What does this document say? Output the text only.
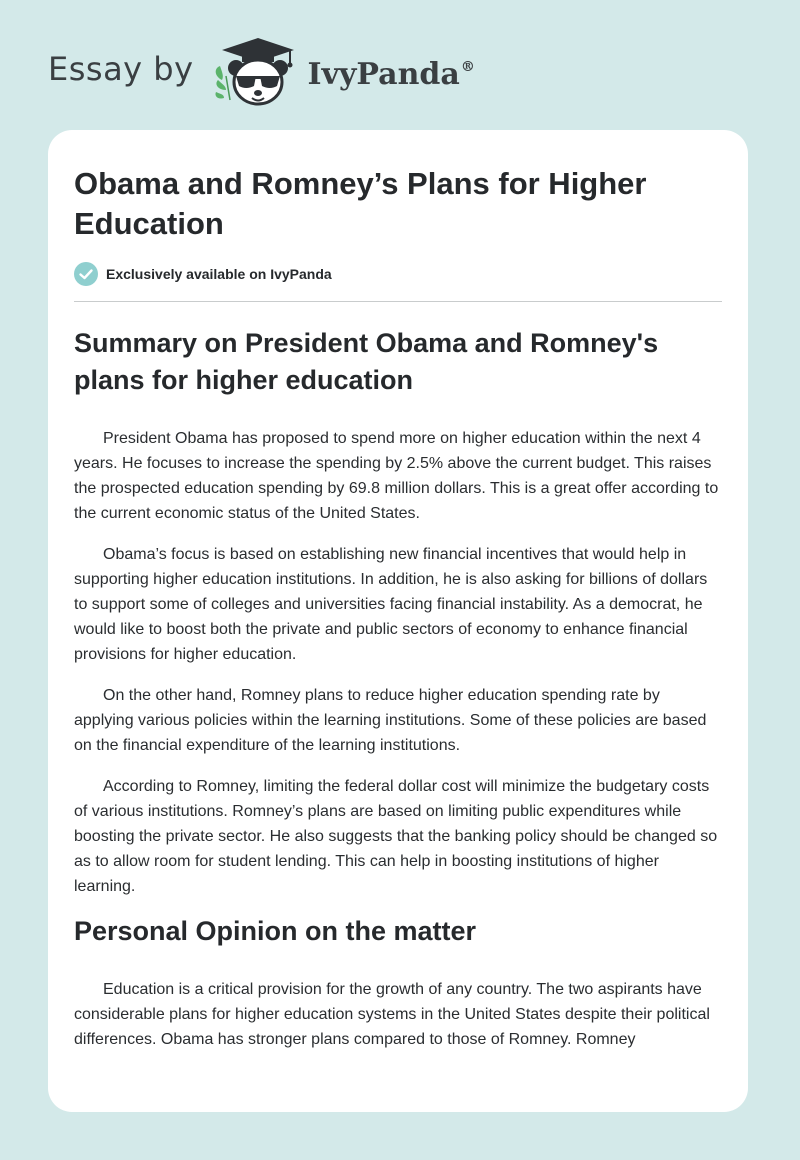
Essay by	IvyPanda®
Obama and Romney’s Plans for Higher Education
Exclusively available on IvyPanda
Summary on President Obama and Romney's plans for higher education

President Obama has proposed to spend more on higher education within the next 4 years. He focuses to increase the spending by 2.5% above the current budget. This raises the prospected education spending by 69.8 million dollars. This is a great offer according to the current economic status of the United States.

Obama’s focus is based on establishing new financial incentives that would help in supporting higher education institutions. In addition, he is also asking for billions of dollars to support some of colleges and universities facing financial instability. As a democrat, he would like to boost both the private and public sectors of economy to enhance financial provisions for higher education.

On the other hand, Romney plans to reduce higher education spending rate by applying various policies within the learning institutions. Some of these policies are based on the financial expenditure of the learning institutions.

According to Romney, limiting the federal dollar cost will minimize the budgetary costs of various institutions. Romney’s plans are based on limiting public expenditures while boosting the private sector. He also suggests that the banking policy should be changed so as to allow room for student lending. This can help in boosting institutions of higher learning.

Personal Opinion on the matter

Education is a critical provision for the growth of any country. The two aspirants have considerable plans for higher education systems in the United States despite their political differences. Obama has stronger plans compared to those of Romney. Romney
